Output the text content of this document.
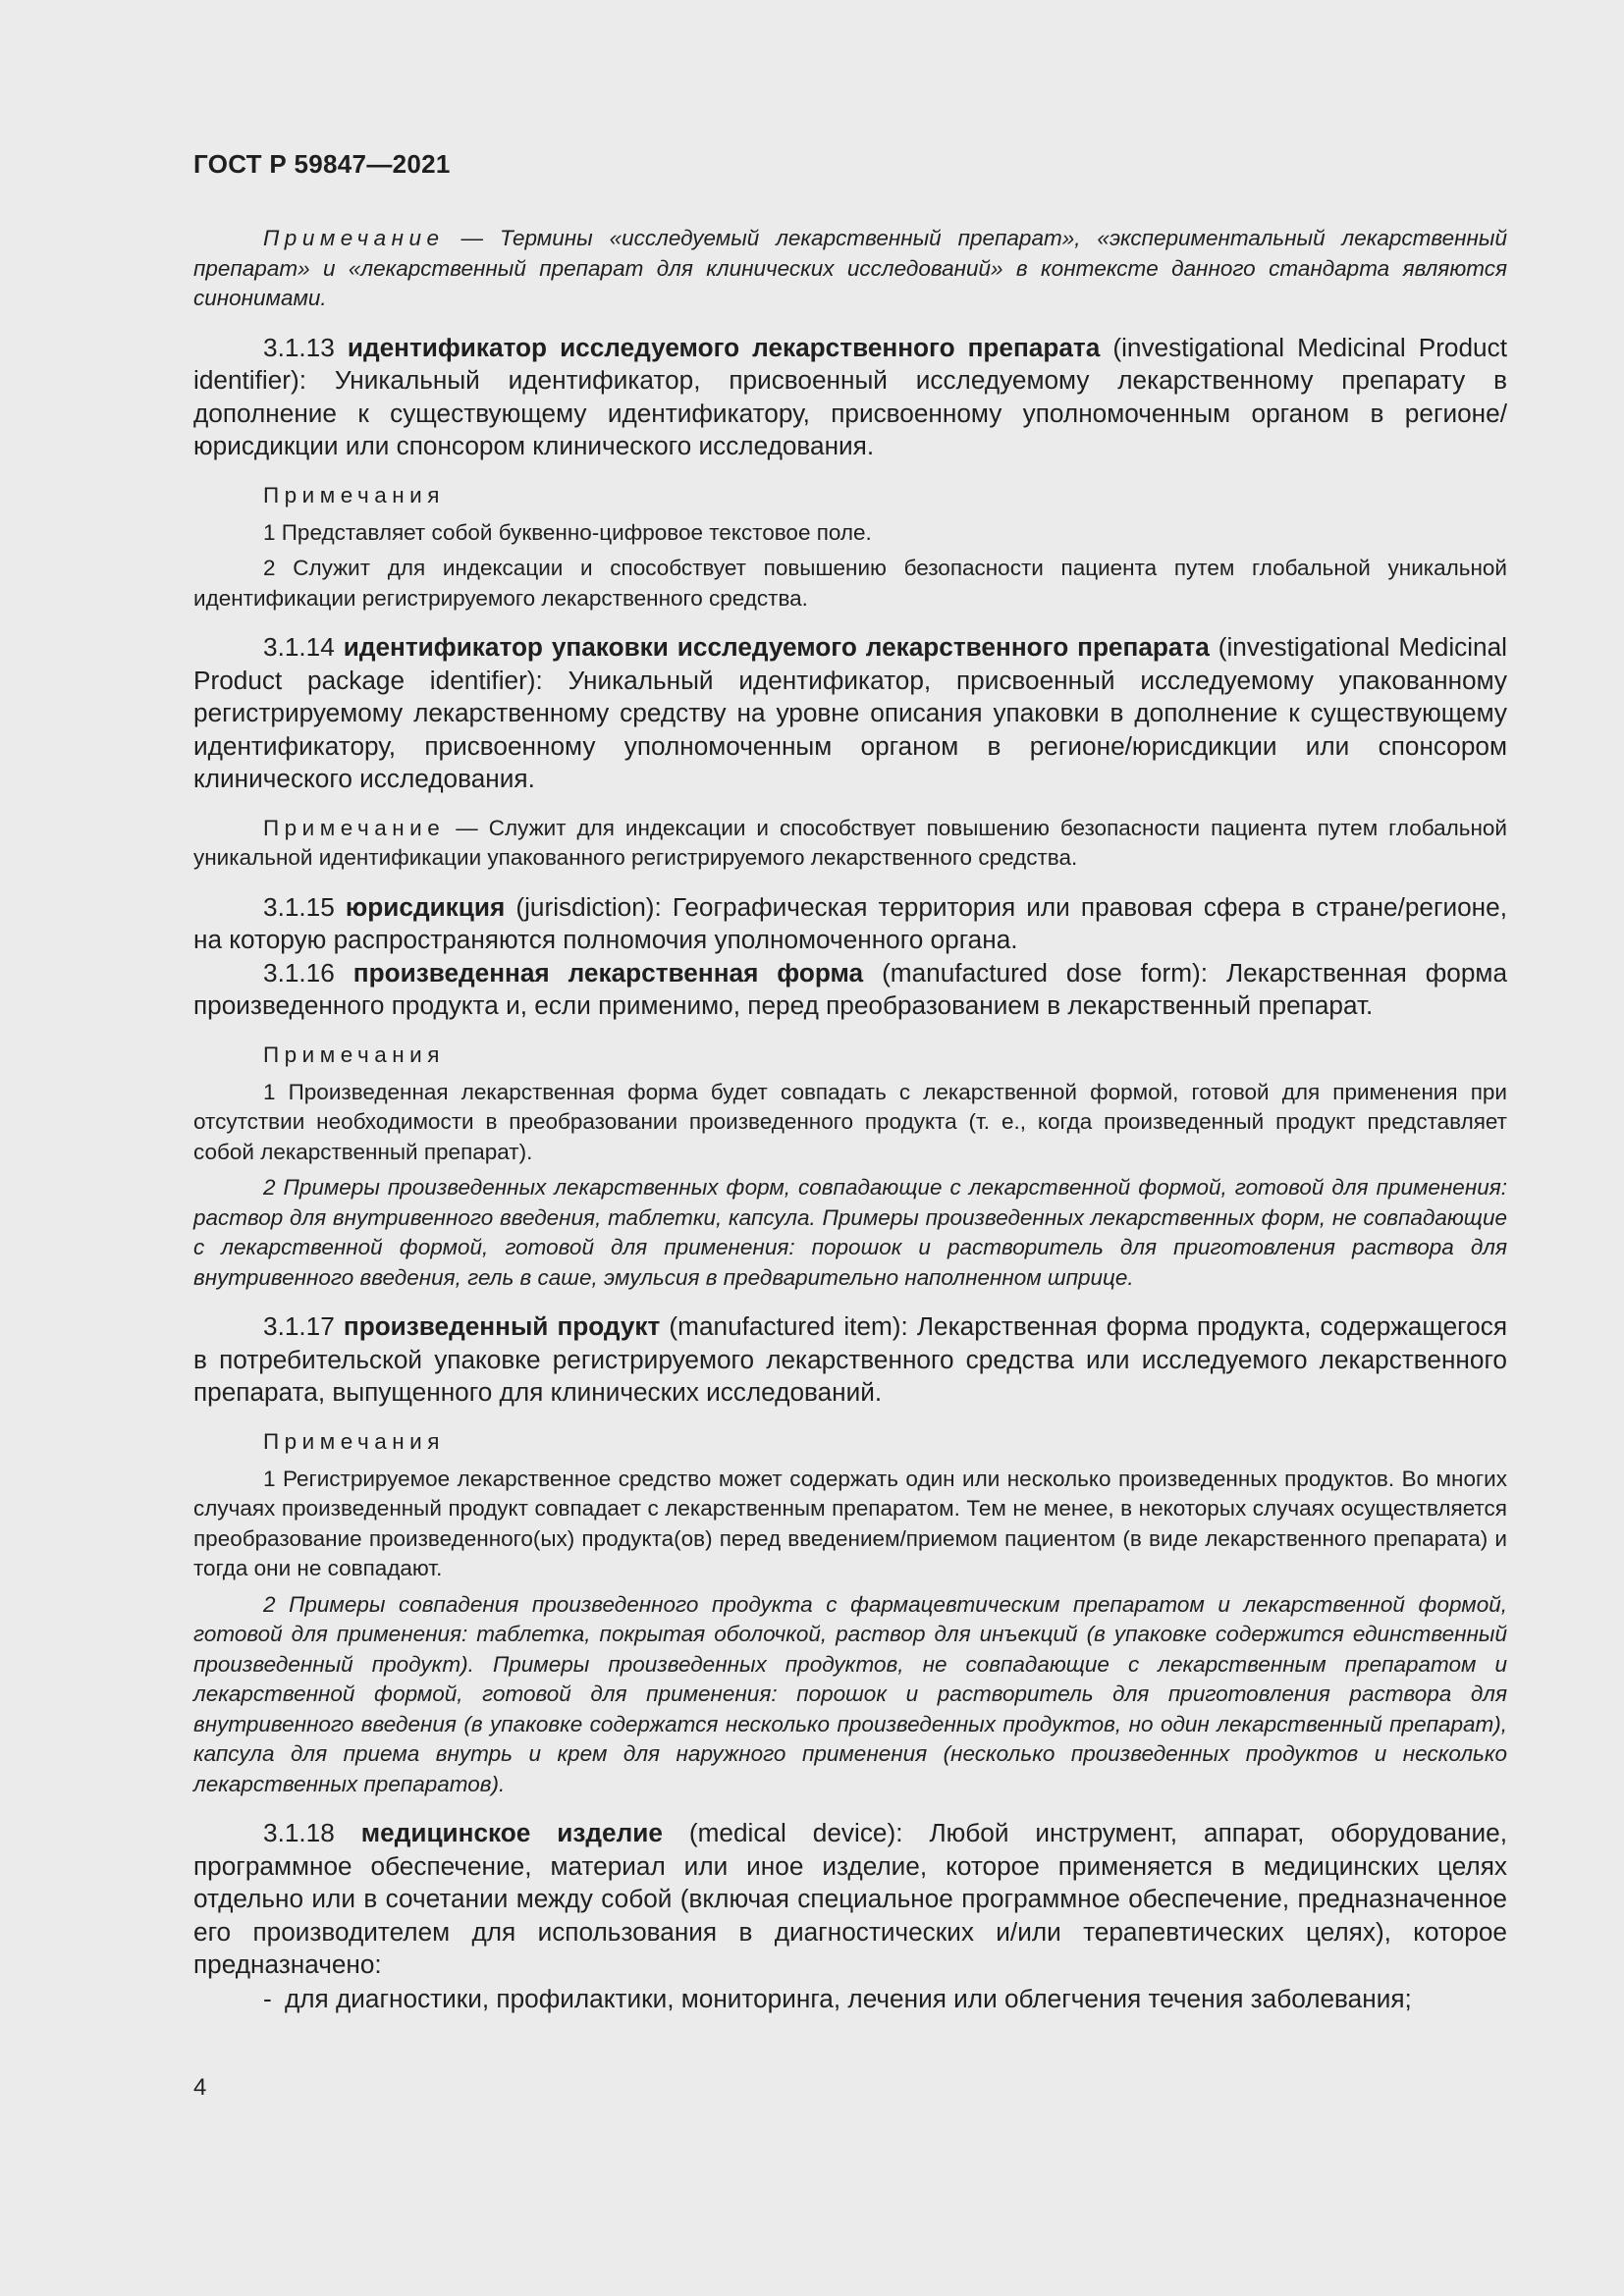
ГОСТ Р 59847—2021

Примечание — Термины «исследуемый лекарственный препарат», «экспериментальный лекарственный препарат» и «лекарственный препарат для клинических исследований» в контексте данного стандарта являются синонимами.

3.1.13 идентификатор исследуемого лекарственного препарата (investigational Medicinal Product identifier): Уникальный идентификатор, присвоенный исследуемому лекарственному препарату в дополнение к существующему идентификатору, присвоенному уполномоченным органом в регионе/юрисдикции или спонсором клинического исследования.

Примечания

1 Представляет собой буквенно-цифровое текстовое поле.

2 Служит для индексации и способствует повышению безопасности пациента путем глобальной уникальной идентификации регистрируемого лекарственного средства.

3.1.14 идентификатор упаковки исследуемого лекарственного препарата (investigational Medicinal Product package identifier): Уникальный идентификатор, присвоенный исследуемому упакованному регистрируемому лекарственному средству на уровне описания упаковки в дополнение к существующему идентификатору, присвоенному уполномоченным органом в регионе/юрисдикции или спонсором клинического исследования.

Примечание — Служит для индексации и способствует повышению безопасности пациента путем глобальной уникальной идентификации упакованного регистрируемого лекарственного средства.

3.1.15 юрисдикция (jurisdiction): Географическая территория или правовая сфера в стране/регионе, на которую распространяются полномочия уполномоченного органа.

3.1.16 произведенная лекарственная форма (manufactured dose form): Лекарственная форма произведенного продукта и, если применимо, перед преобразованием в лекарственный препарат.

Примечания

1 Произведенная лекарственная форма будет совпадать с лекарственной формой, готовой для применения при отсутствии необходимости в преобразовании произведенного продукта (т. е., когда произведенный продукт представляет собой лекарственный препарат).

2 Примеры произведенных лекарственных форм, совпадающие с лекарственной формой, готовой для применения: раствор для внутривенного введения, таблетки, капсула. Примеры произведенных лекарственных форм, не совпадающие с лекарственной формой, готовой для применения: порошок и растворитель для приготовления раствора для внутривенного введения, гель в саше, эмульсия в предварительно наполненном шприце.

3.1.17 произведенный продукт (manufactured item): Лекарственная форма продукта, содержащегося в потребительской упаковке регистрируемого лекарственного средства или исследуемого лекарственного препарата, выпущенного для клинических исследований.

Примечания

1 Регистрируемое лекарственное средство может содержать один или несколько произведенных продуктов. Во многих случаях произведенный продукт совпадает с лекарственным препаратом. Тем не менее, в некоторых случаях осуществляется преобразование произведенного(ых) продукта(ов) перед введением/приемом пациентом (в виде лекарственного препарата) и тогда они не совпадают.

2 Примеры совпадения произведенного продукта с фармацевтическим препаратом и лекарственной формой, готовой для применения: таблетка, покрытая оболочкой, раствор для инъекций (в упаковке содержится единственный произведенный продукт). Примеры произведенных продуктов, не совпадающие с лекарственным препаратом и лекарственной формой, готовой для применения: порошок и растворитель для приготовления раствора для внутривенного введения (в упаковке содержатся несколько произведенных продуктов, но один лекарственный препарат), капсула для приема внутрь и крем для наружного применения (несколько произведенных продуктов и несколько лекарственных препаратов).

3.1.18 медицинское изделие (medical device): Любой инструмент, аппарат, оборудование, программное обеспечение, материал или иное изделие, которое применяется в медицинских целях отдельно или в сочетании между собой (включая специальное программное обеспечение, предназначенное его производителем для использования в диагностических и/или терапевтических целях), которое предназначено:

- для диагностики, профилактики, мониторинга, лечения или облегчения течения заболевания;
4
